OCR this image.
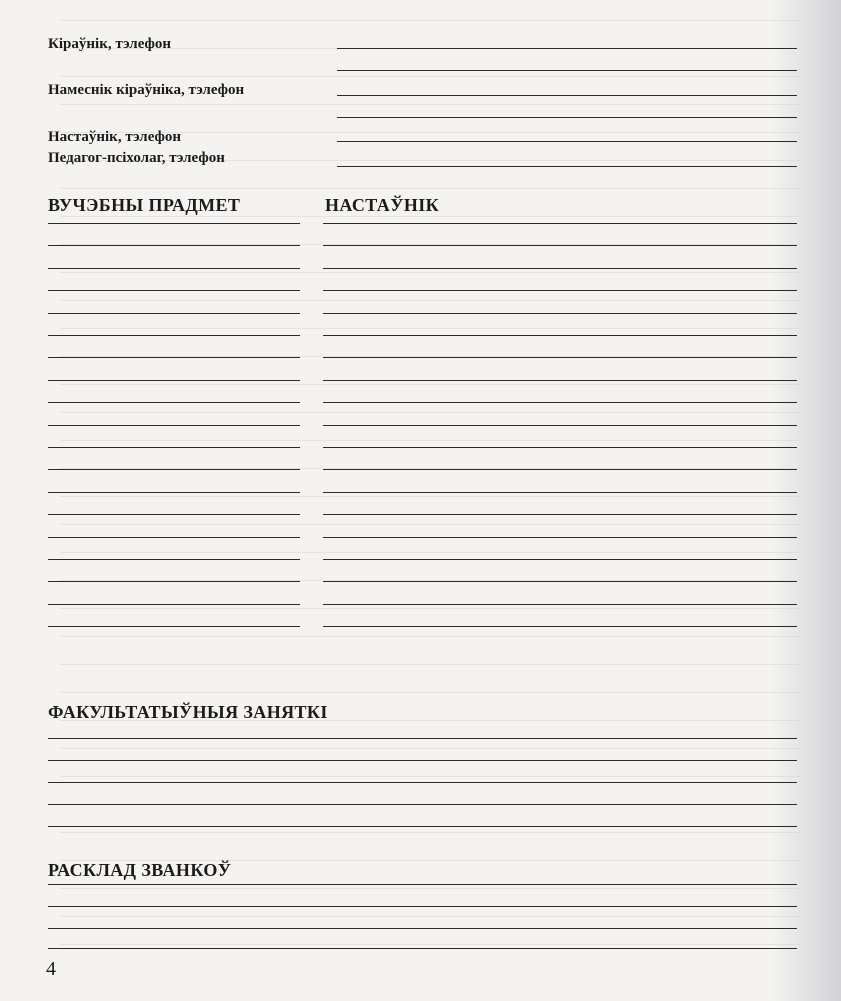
Кіраўнік, тэлефон
Намеснік кіраўніка, тэлефон
Настаўнік, тэлефон
Педагог-псіхолаг, тэлефон
ВУЧЭБНЫ ПРАДМЕТ	НАСТАЎНІК
ФАКУЛЬТАТЫЎНЫЯ ЗАНЯТКІ
РАСКЛАД ЗВАНКОЎ
4
